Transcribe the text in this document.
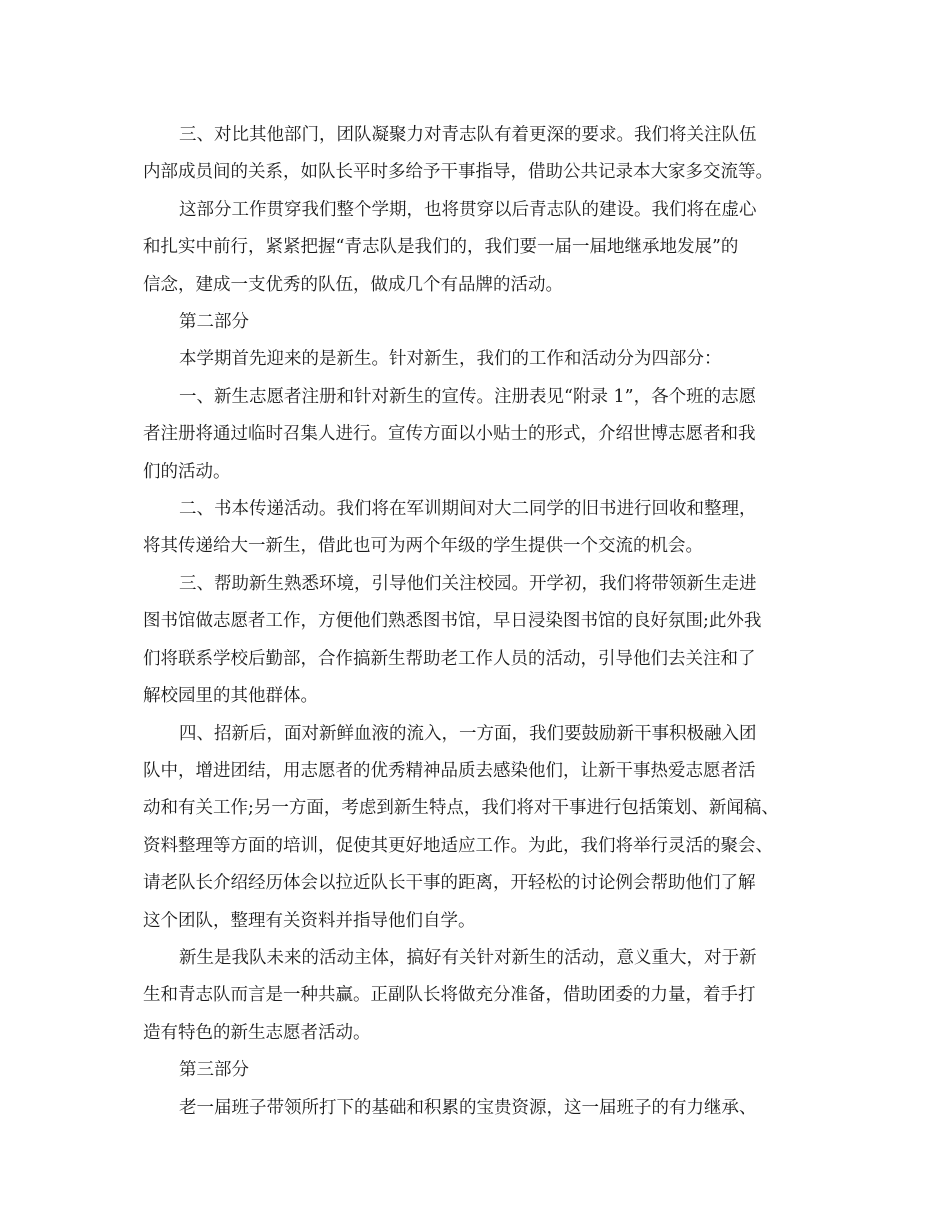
三、对比其他部门，团队凝聚力对青志队有着更深的要求。我们将关注队伍
内部成员间的关系，如队长平时多给予干事指导，借助公共记录本大家多交流等。

这部分工作贯穿我们整个学期，也将贯穿以后青志队的建设。我们将在虚心
和扎实中前行，紧紧把握“青志队是我们的，我们要一届一届地继承地发展”的
信念，建成一支优秀的队伍，做成几个有品牌的活动。

第二部分

本学期首先迎来的是新生。针对新生，我们的工作和活动分为四部分：

一、新生志愿者注册和针对新生的宣传。注册表见“附录 1”，各个班的志愿
者注册将通过临时召集人进行。宣传方面以小贴士的形式，介绍世博志愿者和我
们的活动。

二、书本传递活动。我们将在军训期间对大二同学的旧书进行回收和整理，
将其传递给大一新生，借此也可为两个年级的学生提供一个交流的机会。

三、帮助新生熟悉环境，引导他们关注校园。开学初，我们将带领新生走进
图书馆做志愿者工作，方便他们熟悉图书馆，早日浸染图书馆的良好氛围;此外我
们将联系学校后勤部，合作搞新生帮助老工作人员的活动，引导他们去关注和了
解校园里的其他群体。

四、招新后，面对新鲜血液的流入，一方面，我们要鼓励新干事积极融入团
队中，增进团结，用志愿者的优秀精神品质去感染他们，让新干事热爱志愿者活
动和有关工作;另一方面，考虑到新生特点，我们将对干事进行包括策划、新闻稿、
资料整理等方面的培训，促使其更好地适应工作。为此，我们将举行灵活的聚会、
请老队长介绍经历体会以拉近队长干事的距离，开轻松的讨论例会帮助他们了解
这个团队，整理有关资料并指导他们自学。

新生是我队未来的活动主体，搞好有关针对新生的活动，意义重大，对于新
生和青志队而言是一种共赢。正副队长将做充分准备，借助团委的力量，着手打
造有特色的新生志愿者活动。

第三部分

老一届班子带领所打下的基础和积累的宝贵资源，这一届班子的有力继承、
